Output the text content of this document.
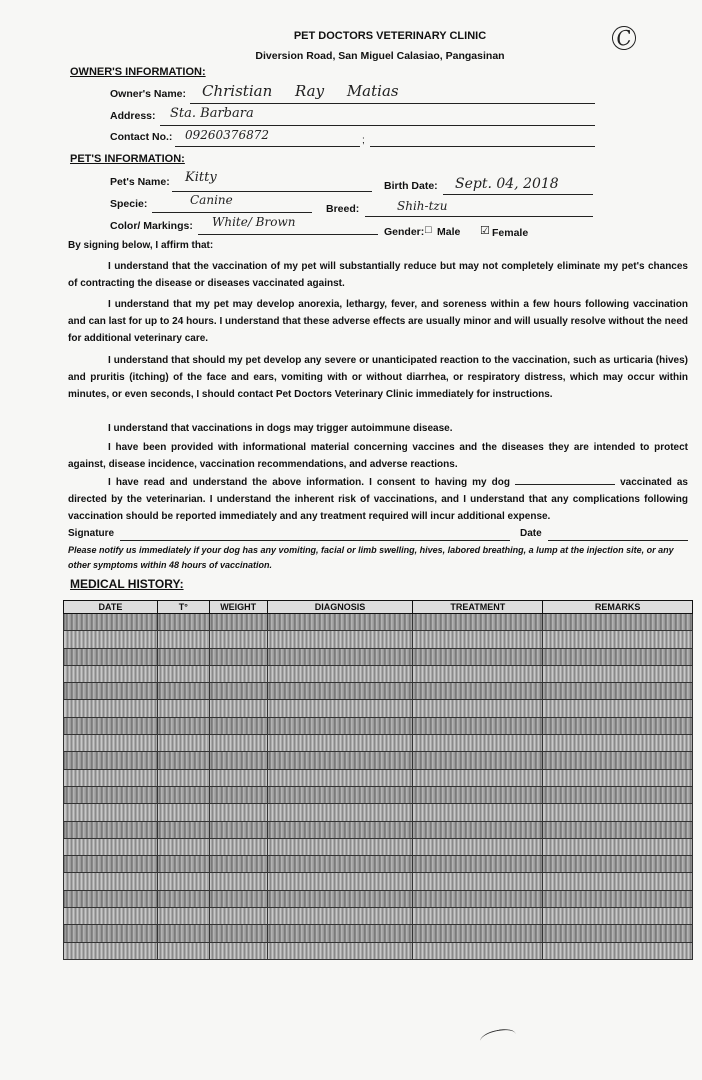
PET DOCTORS VETERINARY CLINIC
Diversion Road, San Miguel Calasiao, Pangasinan
C
OWNER'S INFORMATION:
Owner's Name: Christian Ray Matias
Address: Sta. Barbara
Contact No.:	;
09260376872
PET'S INFORMATION:
Pet's Name: Kitty
Birth Date: Sept. 04, 2018
Specie:	Canine
Breed:	Shih-tzu
Color/ Markings: White/ Brown
Gender: □ Male ☑ Female
By signing below, I affirm that:
I understand that the vaccination of my pet will substantially reduce but may not completely eliminate my pet's chances of contracting the disease or diseases vaccinated against.
I understand that my pet may develop anorexia, lethargy, fever, and soreness within a few hours following vaccination and can last for up to 24 hours. I understand that these adverse effects are usually minor and will usually resolve without the need for additional veterinary care.
I understand that should my pet develop any severe or unanticipated reaction to the vaccination, such as urticaria (hives) and pruritis (itching) of the face and ears, vomiting with or without diarrhea, or respiratory distress, which may occur within minutes, or even seconds, I should contact Pet Doctors Veterinary Clinic immediately for instructions.
I understand that vaccinations in dogs may trigger autoimmune disease.
I have been provided with informational material concerning vaccines and the diseases they are intended to protect against, disease incidence, vaccination recommendations, and adverse reactions.
I have read and understand the above information. I consent to having my dog	vaccinated as directed by the veterinarian. I understand the inherent risk of vaccinations, and I understand that any complications following vaccination should be reported immediately and any treatment required will incur additional expense.
Signature	Date
Please notify us immediately if your dog has any vomiting, facial or limb swelling, hives, labored breathing, a lump at the injection site, or any other symptoms within 48 hours of vaccination.
MEDICAL HISTORY:
DATE	T°	WEIGHT	DIAGNOSIS	TREATMENT	REMARKS
